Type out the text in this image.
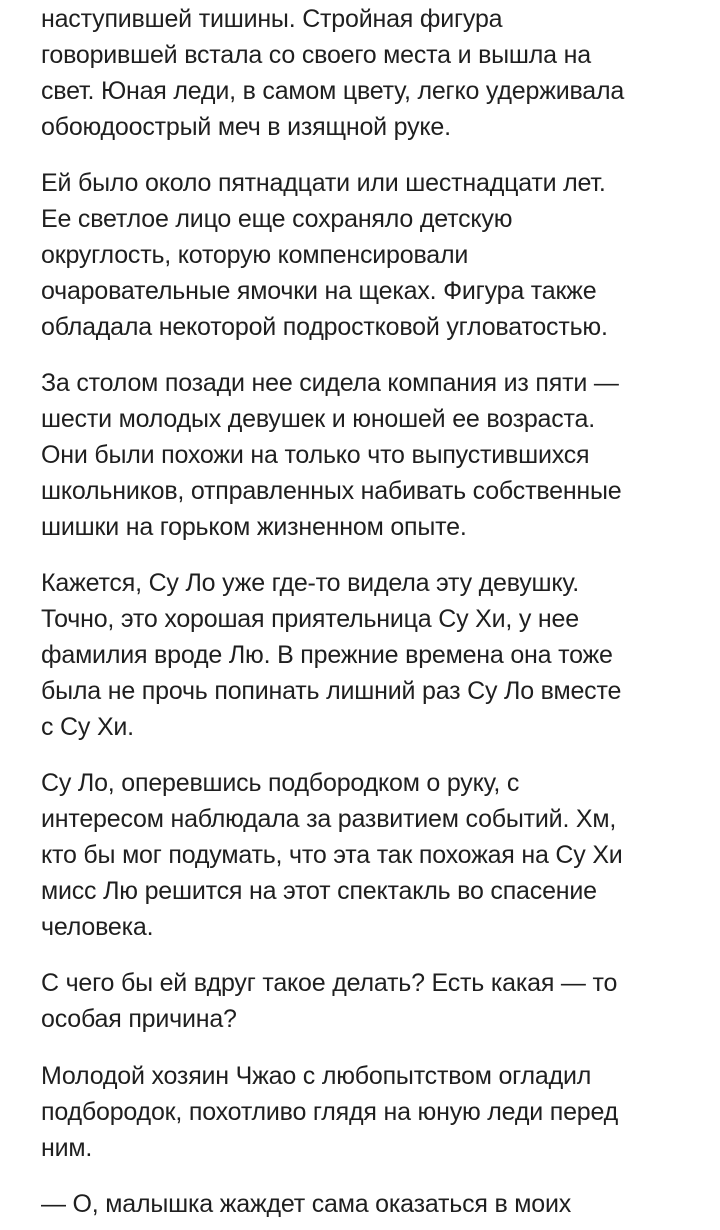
наступившей тишины. Стройная фигура
говорившей встала со своего места и вышла на
свет. Юная леди, в самом цвету, легко удерживала
обоюдоострый меч в изящной руке.

Ей было около пятнадцати или шестнадцати лет.
Ее светлое лицо еще сохраняло детскую
округлость, которую компенсировали
очаровательные ямочки на щеках. Фигура также
обладала некоторой подростковой угловатостью.

За столом позади нее сидела компания из пяти —
шести молодых девушек и юношей ее возраста.
Они были похожи на только что выпустившихся
школьников, отправленных набивать собственные
шишки на горьком жизненном опыте.

Кажется, Су Ло уже где-то видела эту девушку.
Точно, это хорошая приятельница Су Хи, у нее
фамилия вроде Лю. В прежние времена она тоже
была не прочь попинать лишний раз Су Ло вместе
с Су Хи.

Су Ло, оперевшись подбородком о руку, с
интересом наблюдала за развитием событий. Хм,
кто бы мог подумать, что эта так похожая на Су Хи
мисс Лю решится на этот спектакль во спасение
человека.

С чего бы ей вдруг такое делать? Есть какая — то
особая причина?

Молодой хозяин Чжао с любопытством огладил
подбородок, похотливо глядя на юную леди перед
ним.

— О, малышка жаждет сама оказаться в моих
